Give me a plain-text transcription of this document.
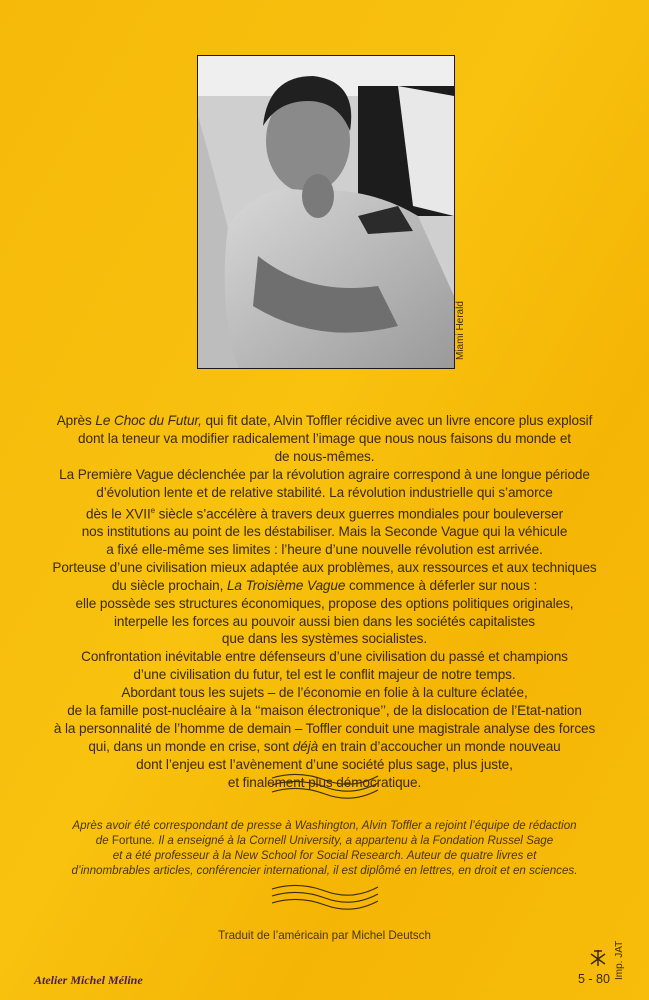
Miami Herald
Après Le Choc du Futur, qui fit date, Alvin Toffler récidive avec un livre encore plus explosif
dont la teneur va modifier radicalement l’image que nous nous faisons du monde et
de nous-mêmes.
La Première Vague déclenchée par la révolution agraire correspond à une longue période
d’évolution lente et de relative stabilité. La révolution industrielle qui s’amorce
dès le XVIIe siècle s’accélère à travers deux guerres mondiales pour bouleverser
nos institutions au point de les déstabiliser. Mais la Seconde Vague qui la véhicule
a fixé elle-même ses limites : l’heure d’une nouvelle révolution est arrivée.
Porteuse d’une civilisation mieux adaptée aux problèmes, aux ressources et aux techniques
du siècle prochain, La Troisième Vague commence à déferler sur nous :
elle possède ses structures économiques, propose des options politiques originales,
interpelle les forces au pouvoir aussi bien dans les sociétés capitalistes
que dans les systèmes socialistes.
Confrontation inévitable entre défenseurs d’une civilisation du passé et champions
d’une civilisation du futur, tel est le conflit majeur de notre temps.
Abordant tous les sujets – de l’économie en folie à la culture éclatée,
de la famille post-nucléaire à la ‘‘maison électronique’’, de la dislocation de l’Etat-nation
à la personnalité de l’homme de demain – Toffler conduit une magistrale analyse des forces
qui, dans un monde en crise, sont déjà en train d’accoucher un monde nouveau
dont l’enjeu est l’avènement d’une société plus sage, plus juste,
et finalement plus démocratique.
Après avoir été correspondant de presse à Washington, Alvin Toffler a rejoint l’équipe de rédaction
de Fortune. Il a enseigné à la Cornell University, a appartenu à la Fondation Russel Sage
et a été professeur à la New School for Social Research. Auteur de quatre livres et
d’innombrables articles, conférencier international, il est diplômé en lettres, en droit et en sciences.
Traduit de l’américain par Michel Deutsch
Atelier Michel Méline	5 - 80 Imp. JAT
